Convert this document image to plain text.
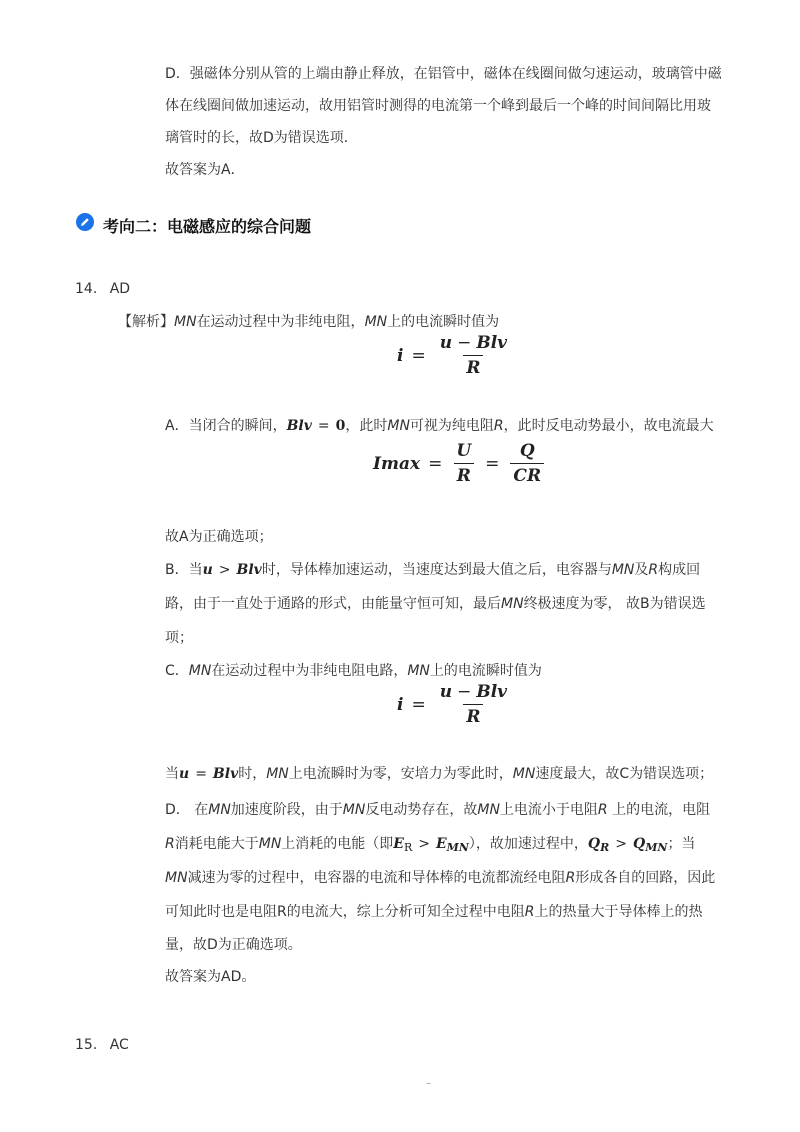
D．强磁体分别从管的上端由静止释放，在铝管中，磁体在线圈间做匀速运动，玻璃管中磁
体在线圈间做加速运动，故用铝管时测得的电流第一个峰到最后一个峰的时间间隔比用玻
璃管时的长，故D为错误选项．
故答案为A．
考向二：电磁感应的综合问题
14. AD
【解析】MN在运动过程中为非纯电阻，MN上的电流瞬时值为
$i = \frac{\text{u − Blv}}{R}$
A．当闭合的瞬间，Blv = 0，此时MN可视为纯电阻R，此时反电动势最小，故电流最大
$Imax = \frac{U}{R} = \frac{Q}{CR}$
故A为正确选项；
B．当u > Blv时，导体棒加速运动，当速度达到最大值之后，电容器与MN及R构成回
路，由于一直处于通路的形式，由能量守恒可知，最后MN终极速度为零， 故B为错误选
项；
C．MN在运动过程中为非纯电阻电路，MN上的电流瞬时值为
$i = \frac{\text{u − Blv}}{R}$
当u = Blv时，MN上电流瞬时为零，安培力为零此时，MN速度最大，故C为错误选项；
D． 在MN加速度阶段，由于MN反电动势存在，故MN上电流小于电阻R 上的电流，电阻
R消耗电能大于MN上消耗的电能（即$E_R > E_{MN}$），故加速过程中，$Q_R > Q_{MN}$；当
MN减速为零的过程中，电容器的电流和导体棒的电流都流经电阻R形成各自的回路，因此
可知此时也是电阻R的电流大，综上分析可知全过程中电阻R上的热量大于导体棒上的热
量，故D为正确选项。
故答案为AD。
15. AC
–
